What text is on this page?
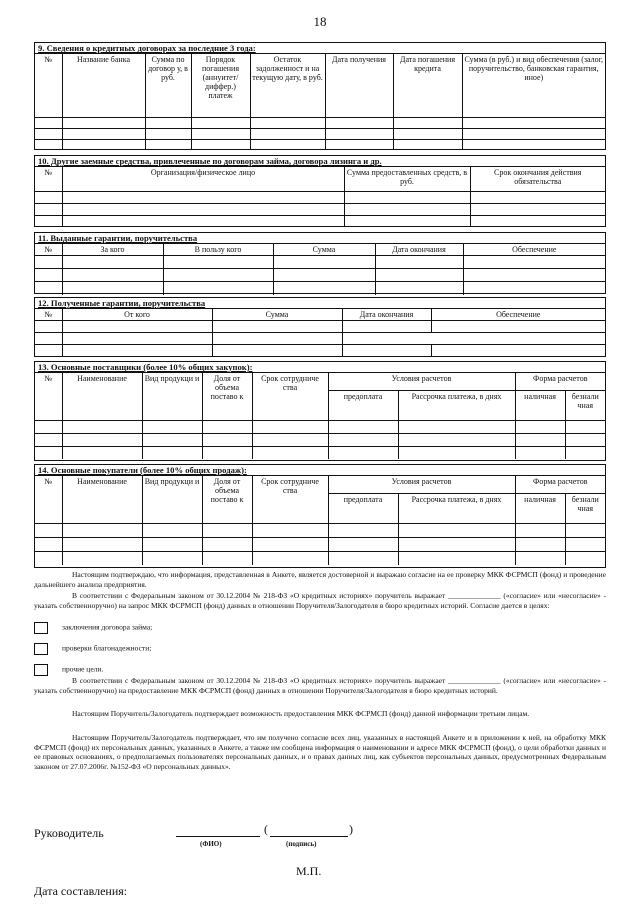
18
9. Сведения о кредитных договорах за последние 3 года:
№	Название банка	Сумма по договор у, в руб.	Порядок погашения (аннуитет/ диффер.) платеж	Остаток задолженност и на текущую дату, в руб.	Дата получения	Дата погашения кредита	Сумма (в руб.) и вид обеспечения (залог, поручительство, банковская гарантия, иное)

10. Другие заемные средства, привлеченные по договорам займа, договора лизинга и др.
№	Организация/физическое лицо	Сумма предоставленных средств, в руб.	Срок окончания действия обязательства

11. Выданные гарантии, поручительства
№	За кого	В пользу кого	Сумма	Дата окончания	Обеспечение

12. Полученные гарантии, поручительства
№	От кого	Сумма	Дата окончания	Обеспечение

13. Основные поставщики (более 10% общих закупок):
№	Наименование	Вид продукци и	Доля от объема поставо к	Срок сотрудниче ства	Условия расчетов		Форма расчетов	
					предоплата	Рассрочка платежа, в днях	наличная	безнали чная

14. Основные покупатели (более 10% общих продаж):
№	Наименование	Вид продукци и	Доля от объема поставо к	Срок сотрудниче ства	Условия расчетов		Форма расчетов	
					предоплата	Рассрочка платежа, в днях	наличная	безнали чная

Настоящим подтверждаю, что информация, представленная в Анкете, является достоверной и выражаю согласие на ее проверку МКК ФСРМСП (фонд) и проведение дальнейшего анализа предприятия.
В соответствии с Федеральным законом от 30.12.2004 № 218-ФЗ «О кредитных историях» поручитель выражает ______________ («согласие» или «несогласие» - указать собственноручно) на запрос МКК ФСРМСП (фонд) данных в отношении Поручителя/Залогодателя в бюро кредитных историй. Согласие дается в целях:
заключения договора займа;
проверки благонадежности;
прочие цели.
В соответствии с Федеральным законом от 30.12.2004 № 218-ФЗ «О кредитных историях» поручитель выражает ______________ («согласие» или «несогласие» - указать собственноручно) на предоставление МКК ФСРМСП (фонд) данных в отношении Поручителя/Залогодателя в бюро кредитных историй.
Настоящим Поручитель/Залогодатель подтверждает возможность предоставления МКК ФСРМСП (фонд) данной информации третьим лицам.
Настоящим Поручитель/Залогодатель подтверждает, что им получено согласие всех лиц, указанных в настоящей Анкете и в приложении к ней, на обработку МКК ФСРМСП (фонд) их персональных данных, указанных в Анкете, а также им сообщена информация о наименовании и адресе МКК ФСРМСП (фонд), о цели обработки данных и ее правовых основаниях, о предполагаемых пользователях персональных данных, и о правах данных лиц, как субъектов персональных данных, предусмотренных Федеральным законом от 27.07.2006г. №152-ФЗ «О персональных данных».
Руководитель
(ФИО)
(	)
(подпись)
М.П.
Дата составления:
